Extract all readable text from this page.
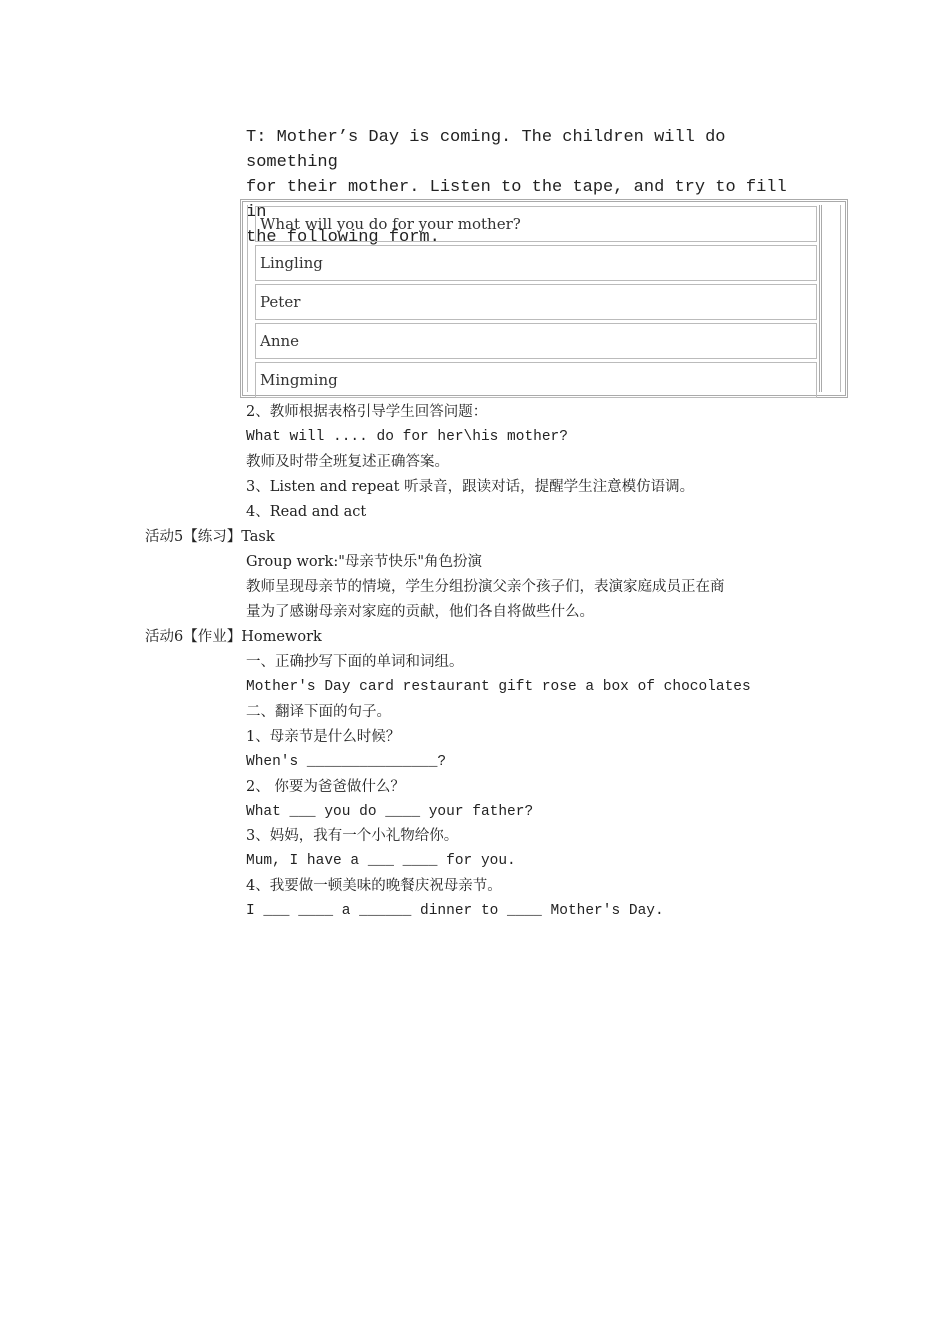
T: Mother’s Day is coming. The children will do something
for their mother. Listen to the tape, and try to fill in
the following form.
What will you do for your mother?
Lingling
Peter
Anne
Mingming
2、教师根据表格引导学生回答问题：
What will .... do for her\his mother?
教师及时带全班复述正确答案。
3、Listen and repeat 听录音，跟读对话，提醒学生注意模仿语调。
4、Read and act
活动5【练习】Task
Group work:"母亲节快乐"角色扮演
教师呈现母亲节的情境，学生分组扮演父亲个孩子们，表演家庭成员正在商
量为了感谢母亲对家庭的贡献，他们各自将做些什么。
活动6【作业】Homework
一、正确抄写下面的单词和词组。
Mother's Day card restaurant gift rose a box of chocolates
二、翻译下面的句子。
1、母亲节是什么时候？
When's _______________?
2、 你要为爸爸做什么？
What ___ you do ____ your father?
3、妈妈，我有一个小礼物给你。
Mum, I have a ___ ____ for you.
4、我要做一顿美味的晚餐庆祝母亲节。
I ___ ____ a ______ dinner to ____ Mother's Day.
